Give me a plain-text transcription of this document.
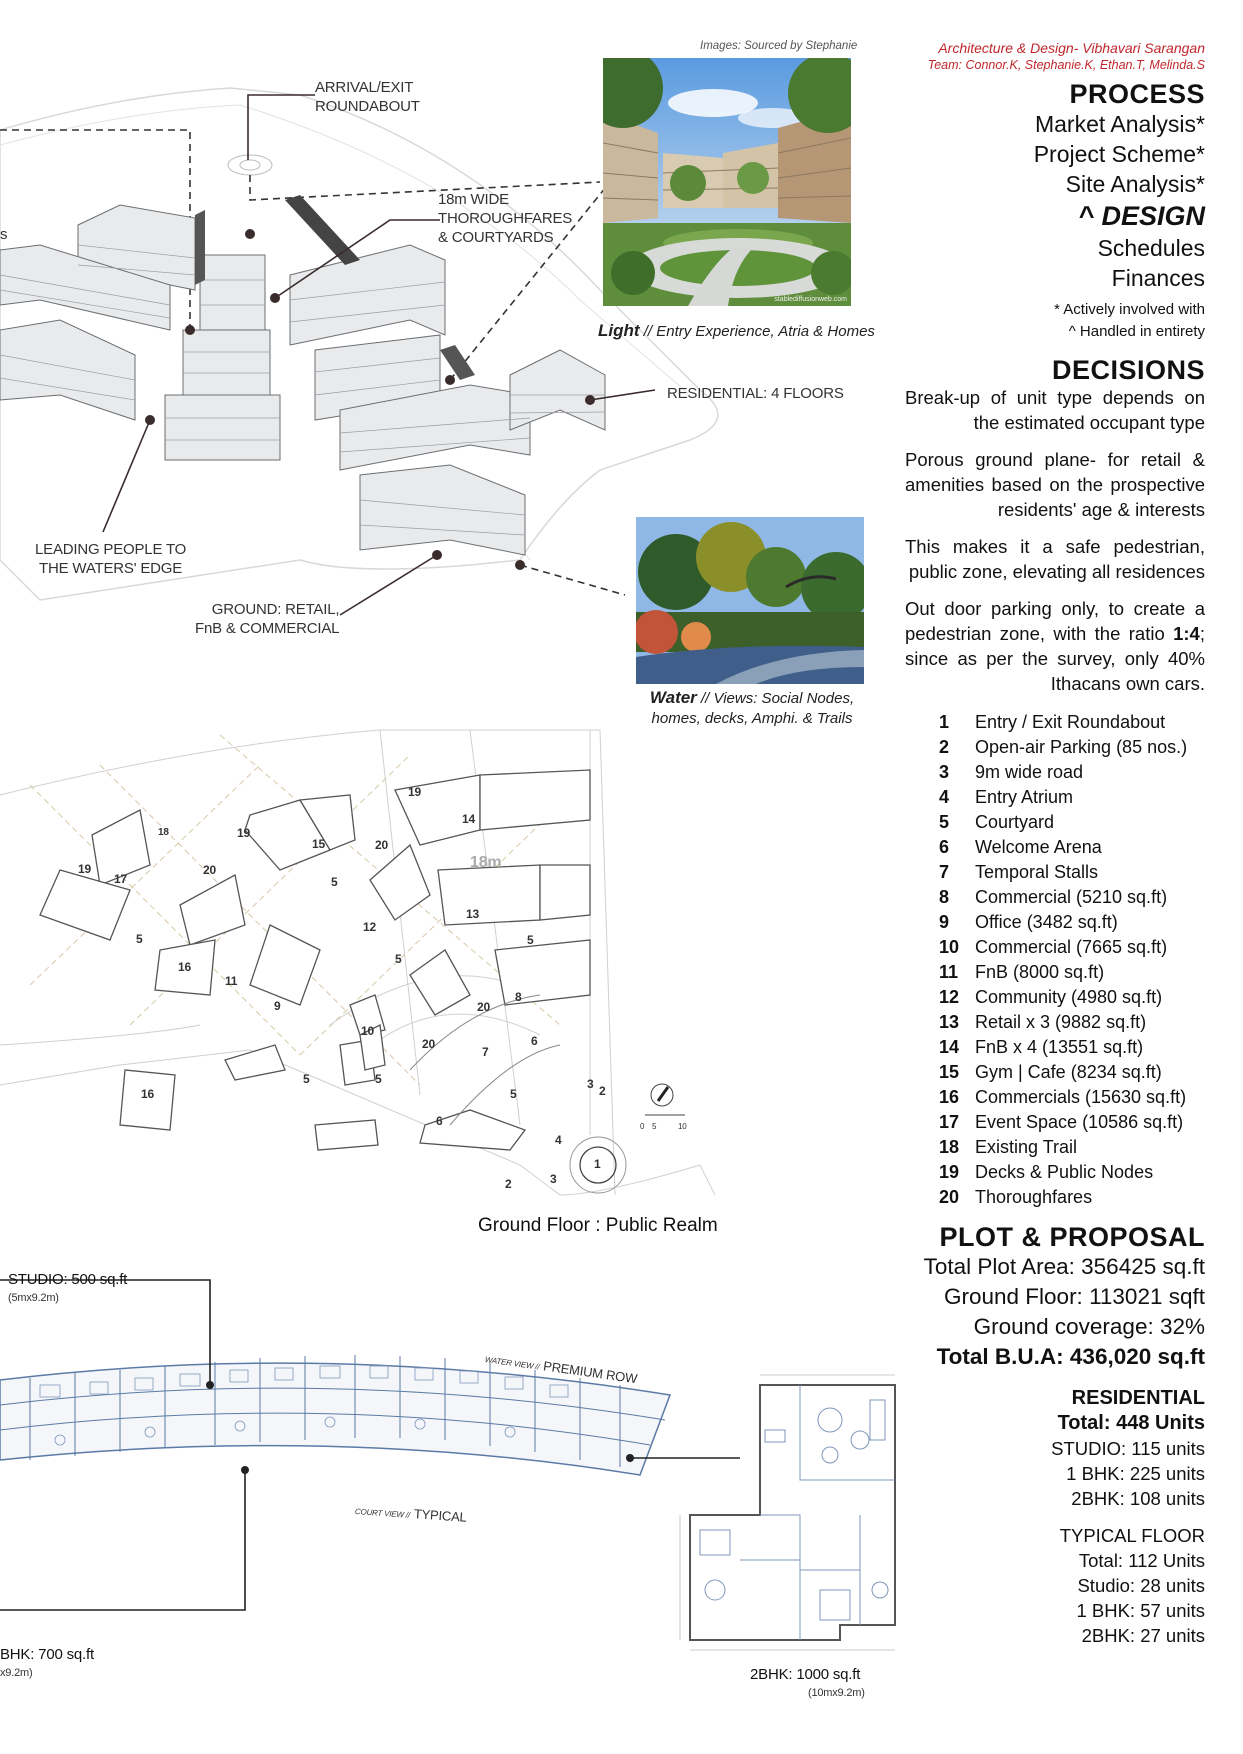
ARRIVAL/EXIT
ROUNDABOUT
18m WIDE
THOROUGHFARES
& COURTYARDS
RESIDENTIAL: 4 FLOORS
LEADING PEOPLE TO
THE WATERS' EDGE
GROUND: RETAIL,
FnB & COMMERCIAL
s
Images: Sourced by Stephanie
stablediffusionweb.com
Light // Entry Experience, Atria & Homes
Water // Views: Social Nodes,
homes, decks, Amphi. & Trails
19
14
18	19
15	20
19
17
20
5
12
13
5
5
16
5
11
9	20
8
10
20
7
6
5	5
16	5
6
3 2
4
1
2	3
18m
0 5	10
Ground Floor : Public Realm
STUDIO: 500 sq.ft
(5mx9.2m)
BHK: 700 sq.ft
x9.2m)
WATER VIEW // PREMIUM ROW
COURT VIEW // TYPICAL
2BHK: 1000 sq.ft
(10mx9.2m)
Architecture & Design- Vibhavari Sarangan
Team: Connor.K, Stephanie.K, Ethan.T, Melinda.S
PROCESS
Market Analysis*
Project Scheme*
Site Analysis*
^ DESIGN
Schedules
Finances
* Actively involved with
^ Handled in entirety
DECISIONS
Break-up of unit type depends on the estimated occupant type
Porous ground plane- for retail & amenities based on the prospective residents' age & interests
This makes it a safe pedestrian, public zone, elevating all residences
Out door parking only, to create a pedestrian zone, with the ratio 1:4; since as per the survey, only 40% Ithacans own cars.
1	Entry / Exit Roundabout
2	Open-air Parking (85 nos.)
3	9m wide road
4	Entry Atrium
5	Courtyard
6	Welcome Arena
7	Temporal Stalls
8	Commercial (5210 sq.ft)
9	Office (3482 sq.ft)
10 Commercial (7665 sq.ft)
11 FnB (8000 sq.ft)
12 Community (4980 sq.ft)
13 Retail x 3 (9882 sq.ft)
14 FnB x 4 (13551 sq.ft)
15 Gym | Cafe (8234 sq.ft)
16 Commercials (15630 sq.ft)
17 Event Space (10586 sq.ft)
18 Existing Trail
19 Decks & Public Nodes
20 Thoroughfares
PLOT & PROPOSAL
Total Plot Area: 356425 sq.ft
Ground Floor: 113021 sqft
Ground coverage: 32%
Total B.U.A: 436,020 sq.ft
RESIDENTIAL
Total: 448 Units
STUDIO: 115 units
1 BHK: 225 units
2BHK: 108 units
TYPICAL FLOOR
Total: 112 Units
Studio: 28 units
1 BHK: 57 units
2BHK: 27 units
